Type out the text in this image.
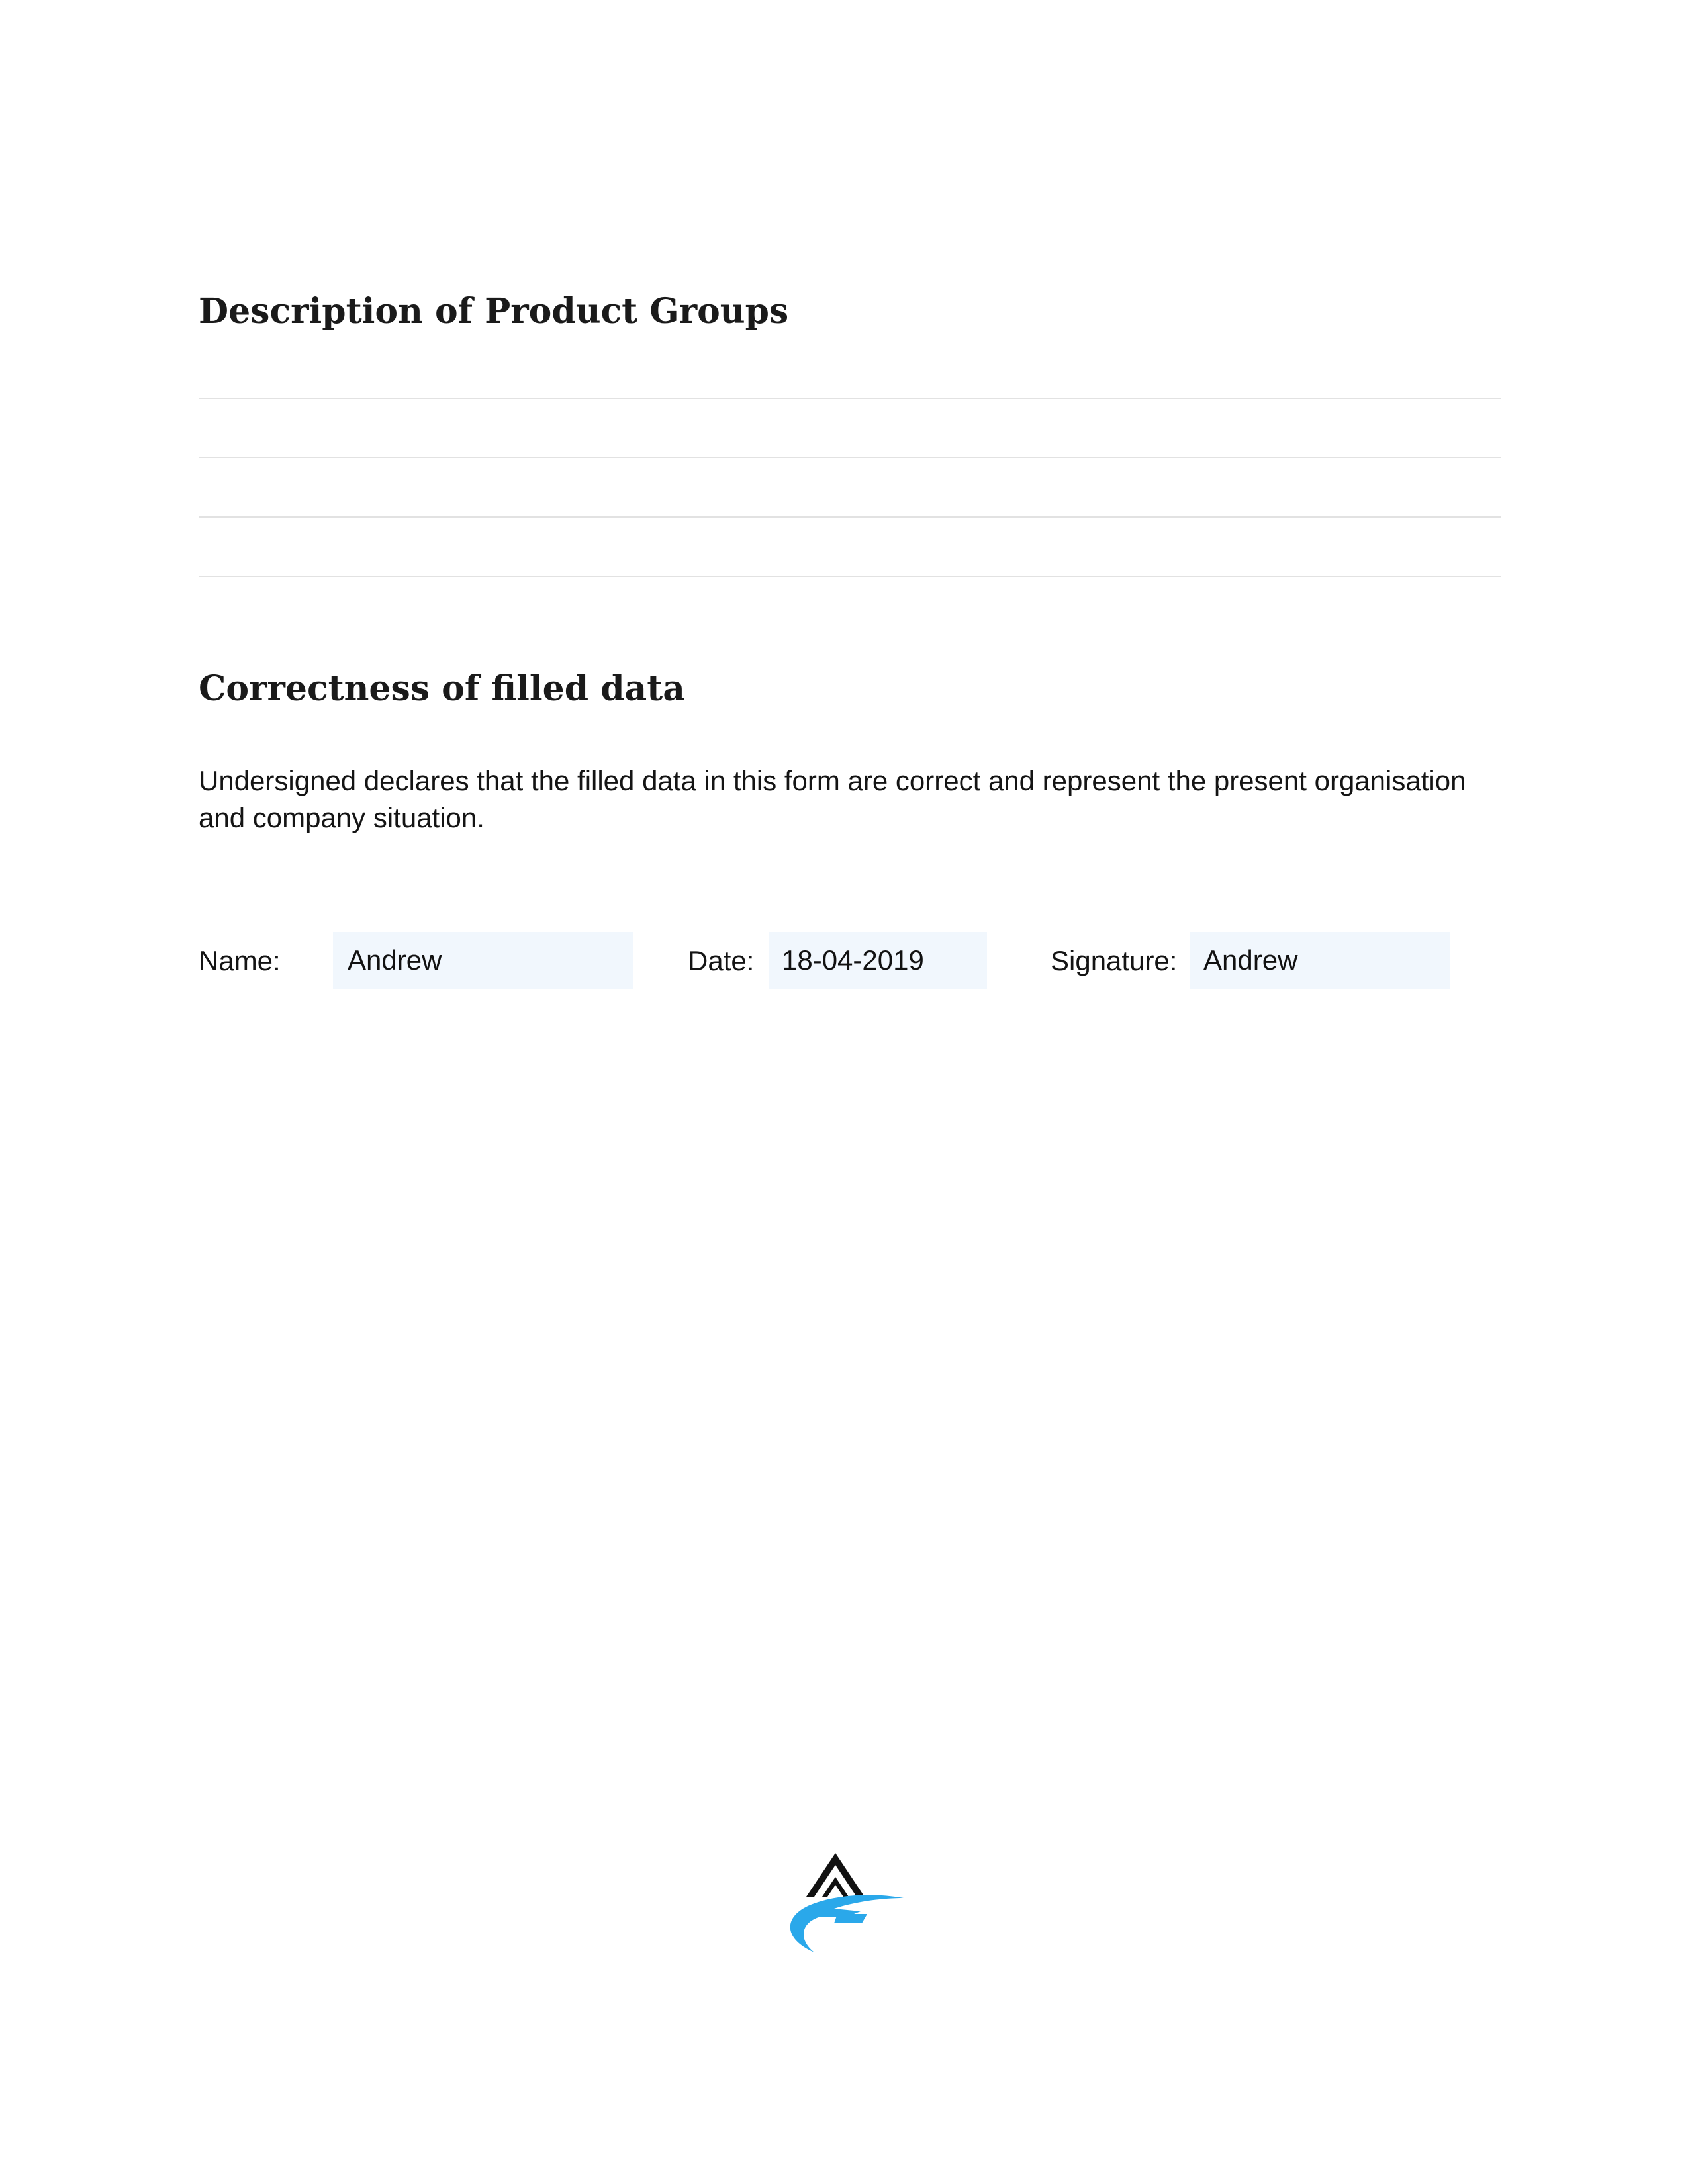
Description of Product Groups
Correctness of filled data

Undersigned declares that the filled data in this form are correct and represent the present organisation and company situation.

Name:	Andrew	Date: 18-04-2019	Signature: Andrew
